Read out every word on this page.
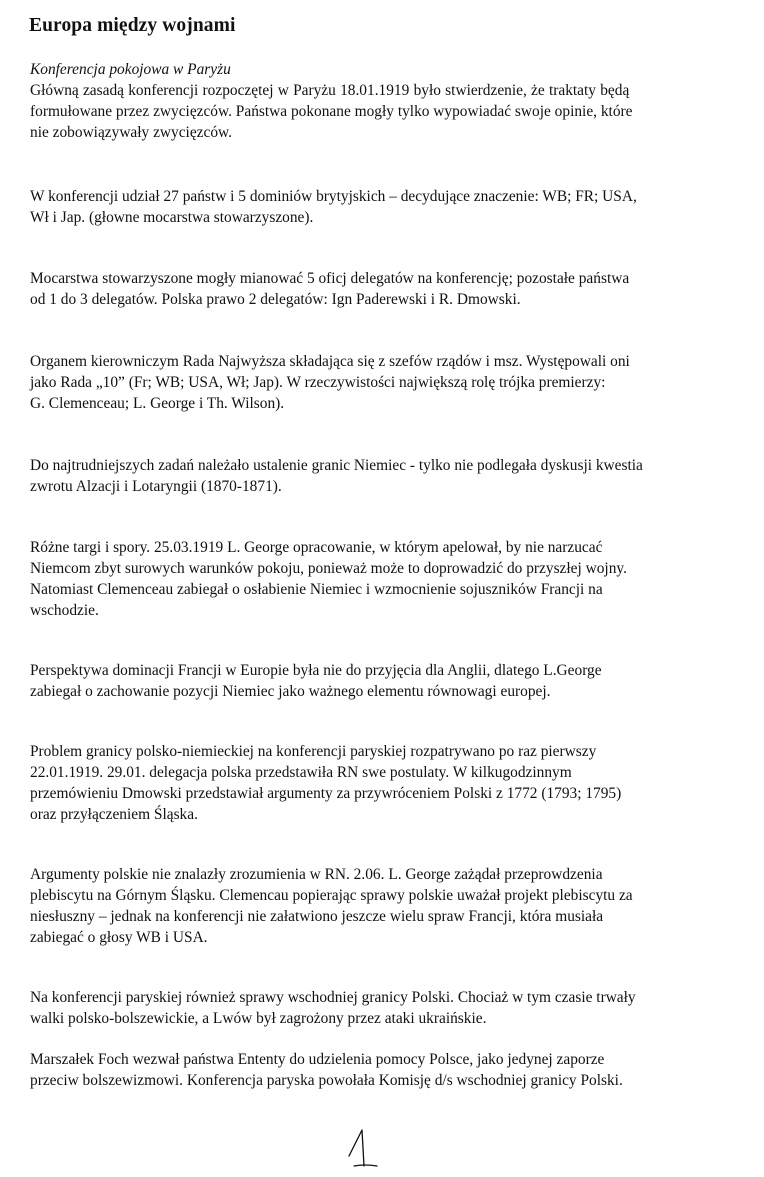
Europa między wojnami
Konferencja pokojowa w Paryżu
Główną zasadą konferencji rozpoczętej w Paryżu 18.01.1919 było stwierdzenie, że traktaty będą
formułowane przez zwycięzców. Państwa pokonane mogły tylko wypowiadać swoje opinie, które
nie zobowiązywały zwycięzców.
W konferencji udział 27 państw i 5 dominiów brytyjskich – decydujące znaczenie: WB; FR; USA,
Wł i Jap. (głowne mocarstwa stowarzyszone).
Mocarstwa stowarzyszone mogły mianować 5 oficj delegatów na konferencję; pozostałe państwa
od 1 do 3 delegatów. Polska prawo 2 delegatów: Ign Paderewski i R. Dmowski.
Organem kierowniczym Rada Najwyższa składająca się z szefów rządów i msz. Występowali oni
jako Rada „10” (Fr; WB; USA, Wł; Jap). W rzeczywistości największą rolę trójka premierzy:
G. Clemenceau; L. George i Th. Wilson).
Do najtrudniejszych zadań należało ustalenie granic Niemiec - tylko nie podlegała dyskusji kwestia
zwrotu Alzacji i Lotaryngii (1870-1871).
Różne targi i spory. 25.03.1919 L. George opracowanie, w którym apelował, by nie narzucać
Niemcom zbyt surowych warunków pokoju, ponieważ może to doprowadzić do przyszłej wojny.
Natomiast Clemenceau zabiegał o osłabienie Niemiec i wzmocnienie sojuszników Francji na
wschodzie.
Perspektywa dominacji Francji w Europie była nie do przyjęcia dla Anglii, dlatego L.George
zabiegał o zachowanie pozycji Niemiec jako ważnego elementu równowagi europej.
Problem granicy polsko-niemieckiej na konferencji paryskiej rozpatrywano po raz pierwszy
22.01.1919. 29.01. delegacja polska przedstawiła RN swe postulaty. W kilkugodzinnym
przemówieniu Dmowski przedstawiał argumenty za przywróceniem Polski z 1772 (1793; 1795)
oraz przyłączeniem Śląska.
Argumenty polskie nie znalazły zrozumienia w RN. 2.06. L. George zażądał przeprowdzenia
plebiscytu na Górnym Śląsku. Clemencau popierając sprawy polskie uważał projekt plebiscytu za
niesłuszny – jednak na konferencji nie załatwiono jeszcze wielu spraw Francji, która musiała
zabiegać o głosy WB i USA.
Na konferencji paryskiej również sprawy wschodniej granicy Polski. Chociaż w tym czasie trwały
walki polsko-bolszewickie, a Lwów był zagrożony przez ataki ukraińskie.
Marszałek Foch wezwał państwa Ententy do udzielenia pomocy Polsce, jako jedynej zaporze
przeciw bolszewizmowi. Konferencja paryska powołała Komisję d/s wschodniej granicy Polski.
